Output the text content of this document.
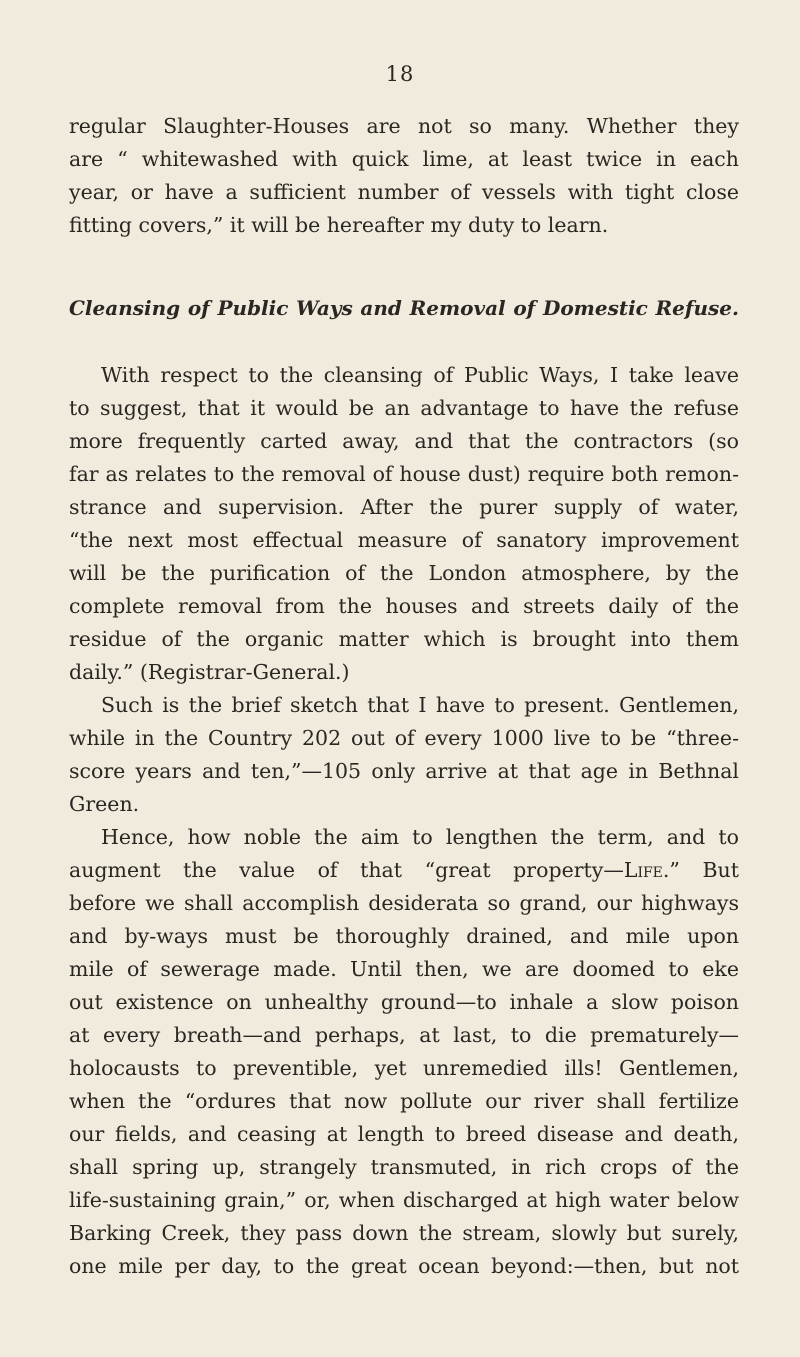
18
regular Slaughter-Houses are not so many. Whether they
are “ whitewashed with quick lime, at least twice in each
year, or have a sufficient number of vessels with tight close
fitting covers,” it will be hereafter my duty to learn.
Cleansing of Public Ways and Removal of Domestic Refuse.
With respect to the cleansing of Public Ways, I take leave
to suggest, that it would be an advantage to have the refuse
more frequently carted away, and that the contractors (so
far as relates to the removal of house dust) require both remon-
strance and supervision. After the purer supply of water,
“the next most effectual measure of sanatory improvement
will be the purification of the London atmosphere, by the
complete removal from the houses and streets daily of the
residue of the organic matter which is brought into them
daily.” (Registrar-General.)
Such is the brief sketch that I have to present. Gentlemen,
while in the Country 202 out of every 1000 live to be “three-
score years and ten,”—105 only arrive at that age in Bethnal
Green.
Hence, how noble the aim to lengthen the term, and to
augment the value of that “great property—Life.” But
before we shall accomplish desiderata so grand, our highways
and by-ways must be thoroughly drained, and mile upon
mile of sewerage made. Until then, we are doomed to eke
out existence on unhealthy ground—to inhale a slow poison
at every breath—and perhaps, at last, to die prematurely—
holocausts to preventible, yet unremedied ills! Gentlemen,
when the “ordures that now pollute our river shall fertilize
our fields, and ceasing at length to breed disease and death,
shall spring up, strangely transmuted, in rich crops of the
life-sustaining grain,” or, when discharged at high water below
Barking Creek, they pass down the stream, slowly but surely,
one mile per day, to the great ocean beyond:—then, but not
